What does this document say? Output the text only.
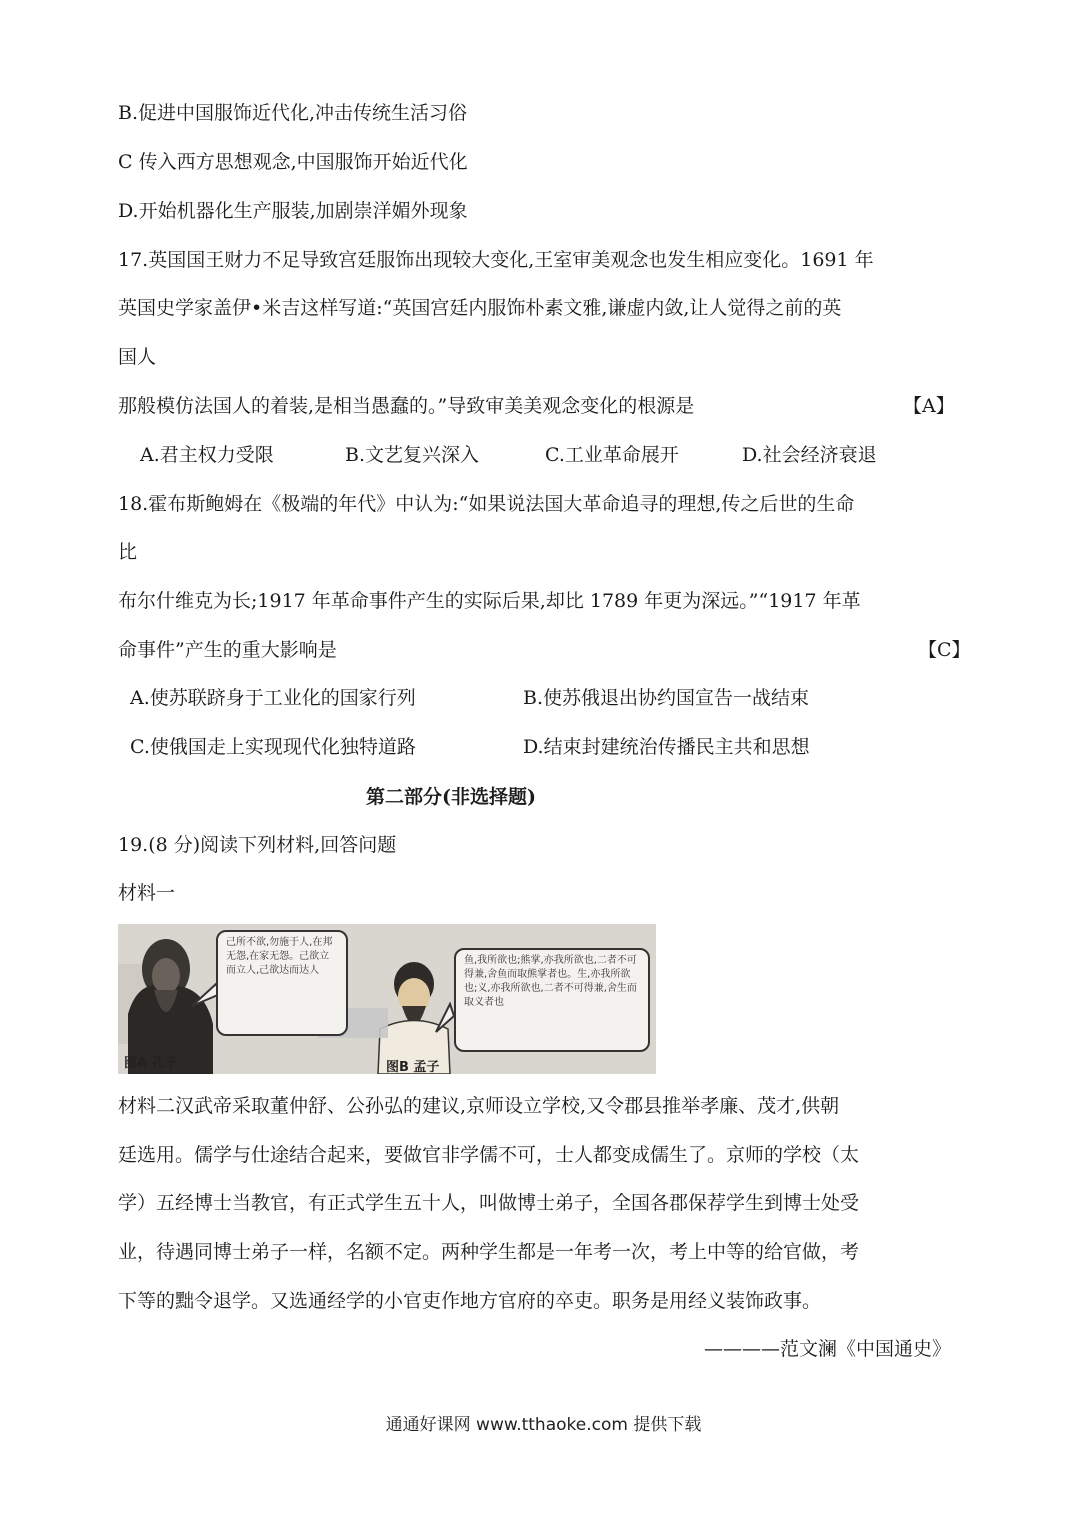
B.促进中国服饰近代化,冲击传统生活习俗
C 传入西方思想观念,中国服饰开始近代化
D.开始机器化生产服装,加剧崇洋媚外现象
17.英国国王财力不足导致宫廷服饰出现较大变化,王室审美观念也发生相应变化。1691 年
英国史学家盖伊•米吉这样写道:“英国宫廷内服饰朴素文雅,谦虚内敛,让人觉得之前的英
国人
那般模仿法国人的着装,是相当愚蠢的。”导致审美美观念变化的根源是	【A】
A.君主权力受限	B.文艺复兴深入	C.工业革命展开	D.社会经济衰退
18.霍布斯鲍姆在《极端的年代》中认为:“如果说法国大革命追寻的理想,传之后世的生命
比
布尔什维克为长;1917 年革命事件产生的实际后果,却比 1789 年更为深远。”“1917 年革
命事件”产生的重大影响是	【C】
A.使苏联跻身于工业化的国家行列	B.使苏俄退出协约国宣告一战结束
C.使俄国走上实现现代化独特道路	D.结束封建统治传播民主共和思想
第二部分(非选择题)
19.(8 分)阅读下列材料,回答问题
材料一
己所不欲,勿施于人,在邦无怨,在家无怨。己欲立而立人,己欲达而达人
鱼,我所欲也;熊掌,亦我所欲也,二者不可得兼,舍鱼而取熊掌者也。生,亦我所欲也;义,亦我所欲也,二者不可得兼,舍生而取义者也
图A 孔子	图B 孟子
材料二汉武帝采取董仲舒、公孙弘的建议,京师设立学校,又令郡县推举孝廉、茂才,供朝
廷选用。儒学与仕途结合起来，要做官非学儒不可，士人都变成儒生了。京师的学校（太
学）五经博士当教官，有正式学生五十人，叫做博士弟子，全国各郡保荐学生到博士处受
业，待遇同博士弟子一样，名额不定。两种学生都是一年考一次，考上中等的给官做，考
下等的黜令退学。又选通经学的小官吏作地方官府的卒吏。职务是用经义装饰政事。
————范文澜《中国通史》
通通好课网 www.tthaoke.com 提供下载
